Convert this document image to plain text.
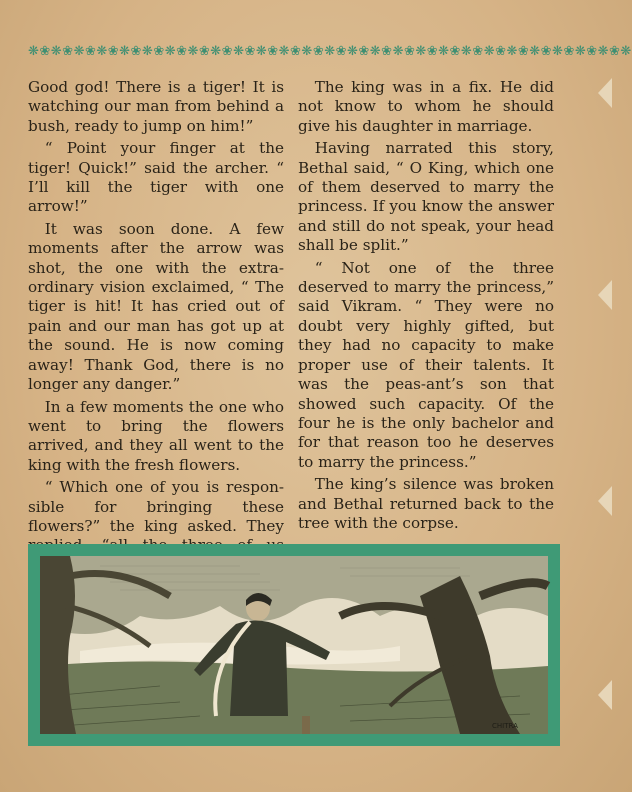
❋❀❋❀❋❀❋❀❋❀❋❀❋❀❋❀❋❀❋❀❋❀❋❀❋❀❋❀❋❀❋❀❋❀❋❀❋❀❋❀❋❀❋❀❋❀❋❀❋❀❋❀❋

Good god! There is a tiger! It is watching our man from behind a bush, ready to jump on him!”

“ Point your finger at the tiger! Quick!” said the archer. “ I’ll kill the tiger with one arrow!”

It was soon done. A few moments after the arrow was shot, the one with the extra-ordinary vision exclaimed, “ The tiger is hit! It has cried out of pain and our man has got up at the sound. He is now coming away! Thank God, there is no longer any danger.”

In a few moments the one who went to bring the flowers arrived, and they all went to the king with the fresh flowers.

“ Which one of you is respon-sible for bringing these flowers?” the king asked. They

The king was in a fix. He did not know to whom he should give his daughter in marriage.

Having narrated this story, Bethal said, “ O King, which one of them deserved to marry the princess. If you know the answer and still do not speak, your head shall be split.”

“ Not one of the three deserved to marry the princess,” said Vikram. “ They were no doubt very highly gifted, but they had no capacity to make proper use of their talents. It was the peas-ant’s son that showed such capacity. Of the four he is the only bachelor and for that reason too he deserves to marry the princess.”

The king’s silence was broken and Bethal returned back to the tree with the corpse.

CHITRA
